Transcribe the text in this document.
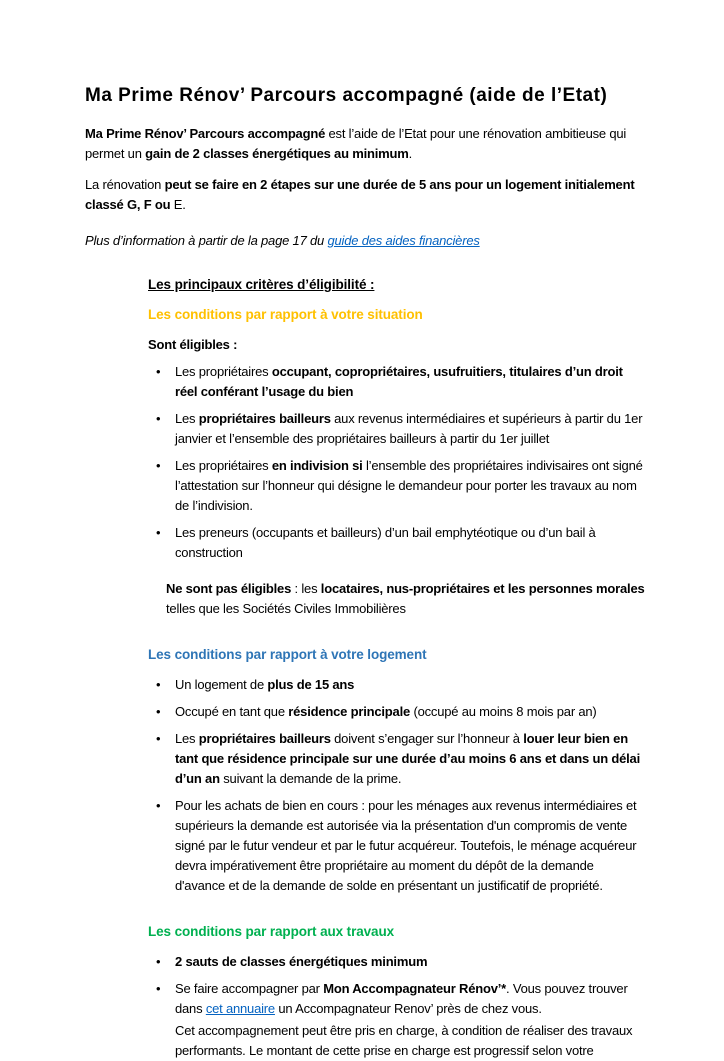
Ma Prime Rénov’ Parcours accompagné (aide de l’Etat)

Ma Prime Rénov’ Parcours accompagné est l’aide de l’Etat pour une rénovation ambitieuse qui permet un gain de 2 classes énergétiques au minimum.

La rénovation peut se faire en 2 étapes sur une durée de 5 ans pour un logement initialement classé G, F ou E.

Plus d’information à partir de la page 17 du guide des aides financières

Les principaux critères d’éligibilité :
Les conditions par rapport à votre situation

Sont éligibles :

• Les propriétaires occupant, copropriétaires, usufruitiers, titulaires d’un droit réel conférant l’usage du bien
• Les propriétaires bailleurs aux revenus intermédiaires et supérieurs à partir du 1er janvier et l’ensemble des propriétaires bailleurs à partir du 1er juillet
• Les propriétaires en indivision si l’ensemble des propriétaires indivisaires ont signé l’attestation sur l’honneur qui désigne le demandeur pour porter les travaux au nom de l’indivision.
• Les preneurs (occupants et bailleurs) d’un bail emphytéotique ou d’un bail à construction

Ne sont pas éligibles : les locataires, nus-propriétaires et les personnes morales telles que les Sociétés Civiles Immobilières

Les conditions par rapport à votre logement
• Un logement de plus de 15 ans
• Occupé en tant que résidence principale (occupé au moins 8 mois par an)
• Les propriétaires bailleurs doivent s’engager sur l’honneur à louer leur bien en tant que résidence principale sur une durée d’au moins 6 ans et dans un délai d’un an suivant la demande de la prime.
• Pour les achats de bien en cours : pour les ménages aux revenus intermédiaires et supérieurs la demande est autorisée via la présentation d'un compromis de vente signé par le futur vendeur et par le futur acquéreur. Toutefois, le ménage acquéreur devra impérativement être propriétaire au moment du dépôt de la demande d'avance et de la demande de solde en présentant un justificatif de propriété.
Les conditions par rapport aux travaux
• 2 sauts de classes énergétiques minimum
• Se faire accompagner par Mon Accompagnateur Rénov’*. Vous pouvez trouver dans cet annuaire un Accompagnateur Renov’ près de chez vous.
Cet accompagnement peut être pris en charge, à condition de réaliser des travaux performants. Le montant de cette prise en charge est progressif selon votre
